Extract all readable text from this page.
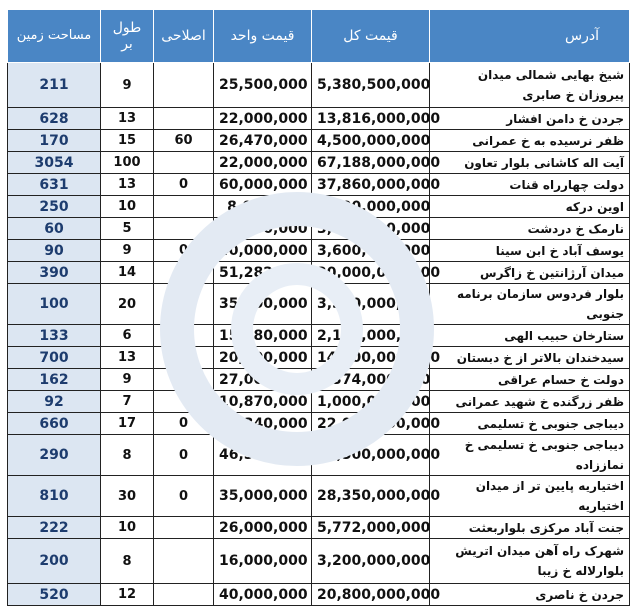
مساحت زمین	طول بر	اصلاحی	قیمت واحد	قیمت کل	آدرس
211	9		25,500,000	5,380,500,000	شیخ بهایی شمالی میدان پیروزان خ صابری
628	13		22,000,000	13,816,000,000	جردن خ دامن افشار
170	15	60	26,470,000	4,500,000,000	ظفر نرسیده به خ عمرانی
3054	100		22,000,000	67,188,000,000	آیت اله کاشانی بلوار تعاون
631	13	0	60,000,000	37,860,000,000	دولت چهارراه قنات
250	10		8,000,000	2,000,000,000	اوین درکه
60	5		50,000,000	3,000,000,000	نارمک خ دردشت
90	9	0	40,000,000	3,600,000,000	یوسف آباد خ ابن سینا
390	14		51,282,000	20,000,000,000	میدان آرژانتین خ زاگرس
100	20	0	35,000,000	3,500,000,000	بلوار فردوس سازمان برنامه جنوبی
133	6	0	15,780,000	2,100,000,000	ستارخان حبیب الهی
700	13	0	20,000,000	14,000,000,000	سیدخندان بالاتر از خ دبستان
162	9	0	27,000,000	4,374,000,000	دولت خ حسام عراقی
92	7		10,870,000	1,000,000,000	ظفر زرگنده خ شهید عمرانی
660	17	0	33,340,000	22,000,000,000	دیباجی جنوبی خ تسلیمی
290	8	0	46,560,000	13,500,000,000	دیباجی جنوبی خ تسلیمی خ نماززاده
810	30	0	35,000,000	28,350,000,000	اختیاریه پایین تر از میدان اختیاریه
222	10		26,000,000	5,772,000,000	جنت آباد مرکزی بلواربعثت
200	8		16,000,000	3,200,000,000	شهرک راه آهن میدان اتریش بلوارلاله خ زیبا
520	12		40,000,000	20,800,000,000	جردن خ ناصری
